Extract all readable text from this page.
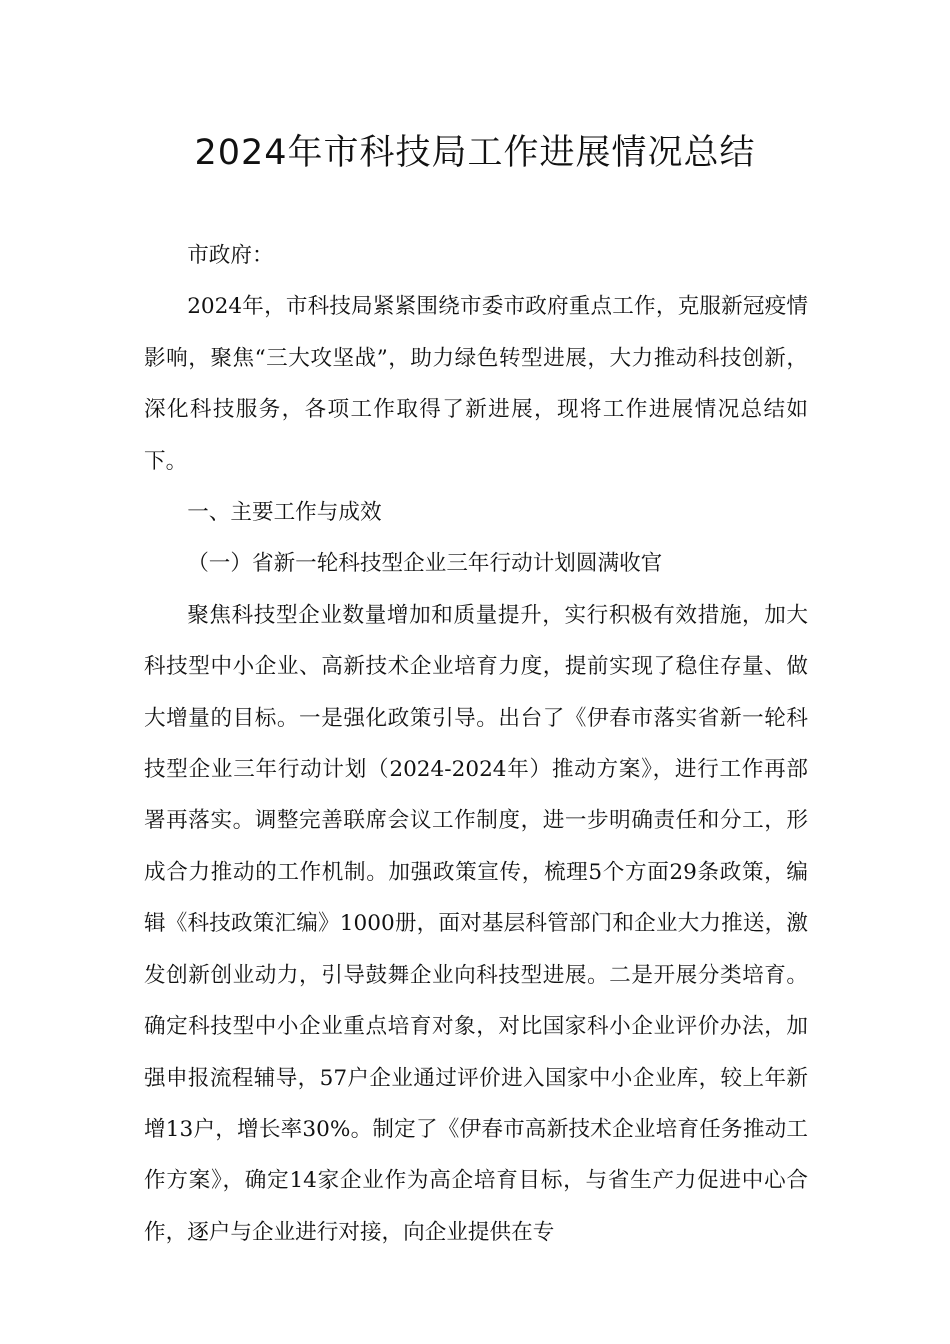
2024年市科技局工作进展情况总结

市政府：

2024年，市科技局紧紧围绕市委市政府重点工作，克服新冠疫情影响，聚焦“三大攻坚战”，助力绿色转型进展，大力推动科技创新，深化科技服务，各项工作取得了新进展，现将工作进展情况总结如下。

一、主要工作与成效

（一）省新一轮科技型企业三年行动计划圆满收官

聚焦科技型企业数量增加和质量提升，实行积极有效措施，加大科技型中小企业、高新技术企业培育力度，提前实现了稳住存量、做大增量的目标。一是强化政策引导。出台了《伊春市落实省新一轮科技型企业三年行动计划（2024-2024年）推动方案》，进行工作再部署再落实。调整完善联席会议工作制度，进一步明确责任和分工，形成合力推动的工作机制。加强政策宣传，梳理5个方面29条政策，编辑《科技政策汇编》1000册，面对基层科管部门和企业大力推送，激发创新创业动力，引导鼓舞企业向科技型进展。二是开展分类培育。确定科技型中小企业重点培育对象，对比国家科小企业评价办法，加强申报流程辅导，57户企业通过评价进入国家中小企业库，较上年新增13户，增长率30%。制定了《伊春市高新技术企业培育任务推动工作方案》，确定14家企业作为高企培育目标，与省生产力促进中心合作，逐户与企业进行对接，向企业提供在专
